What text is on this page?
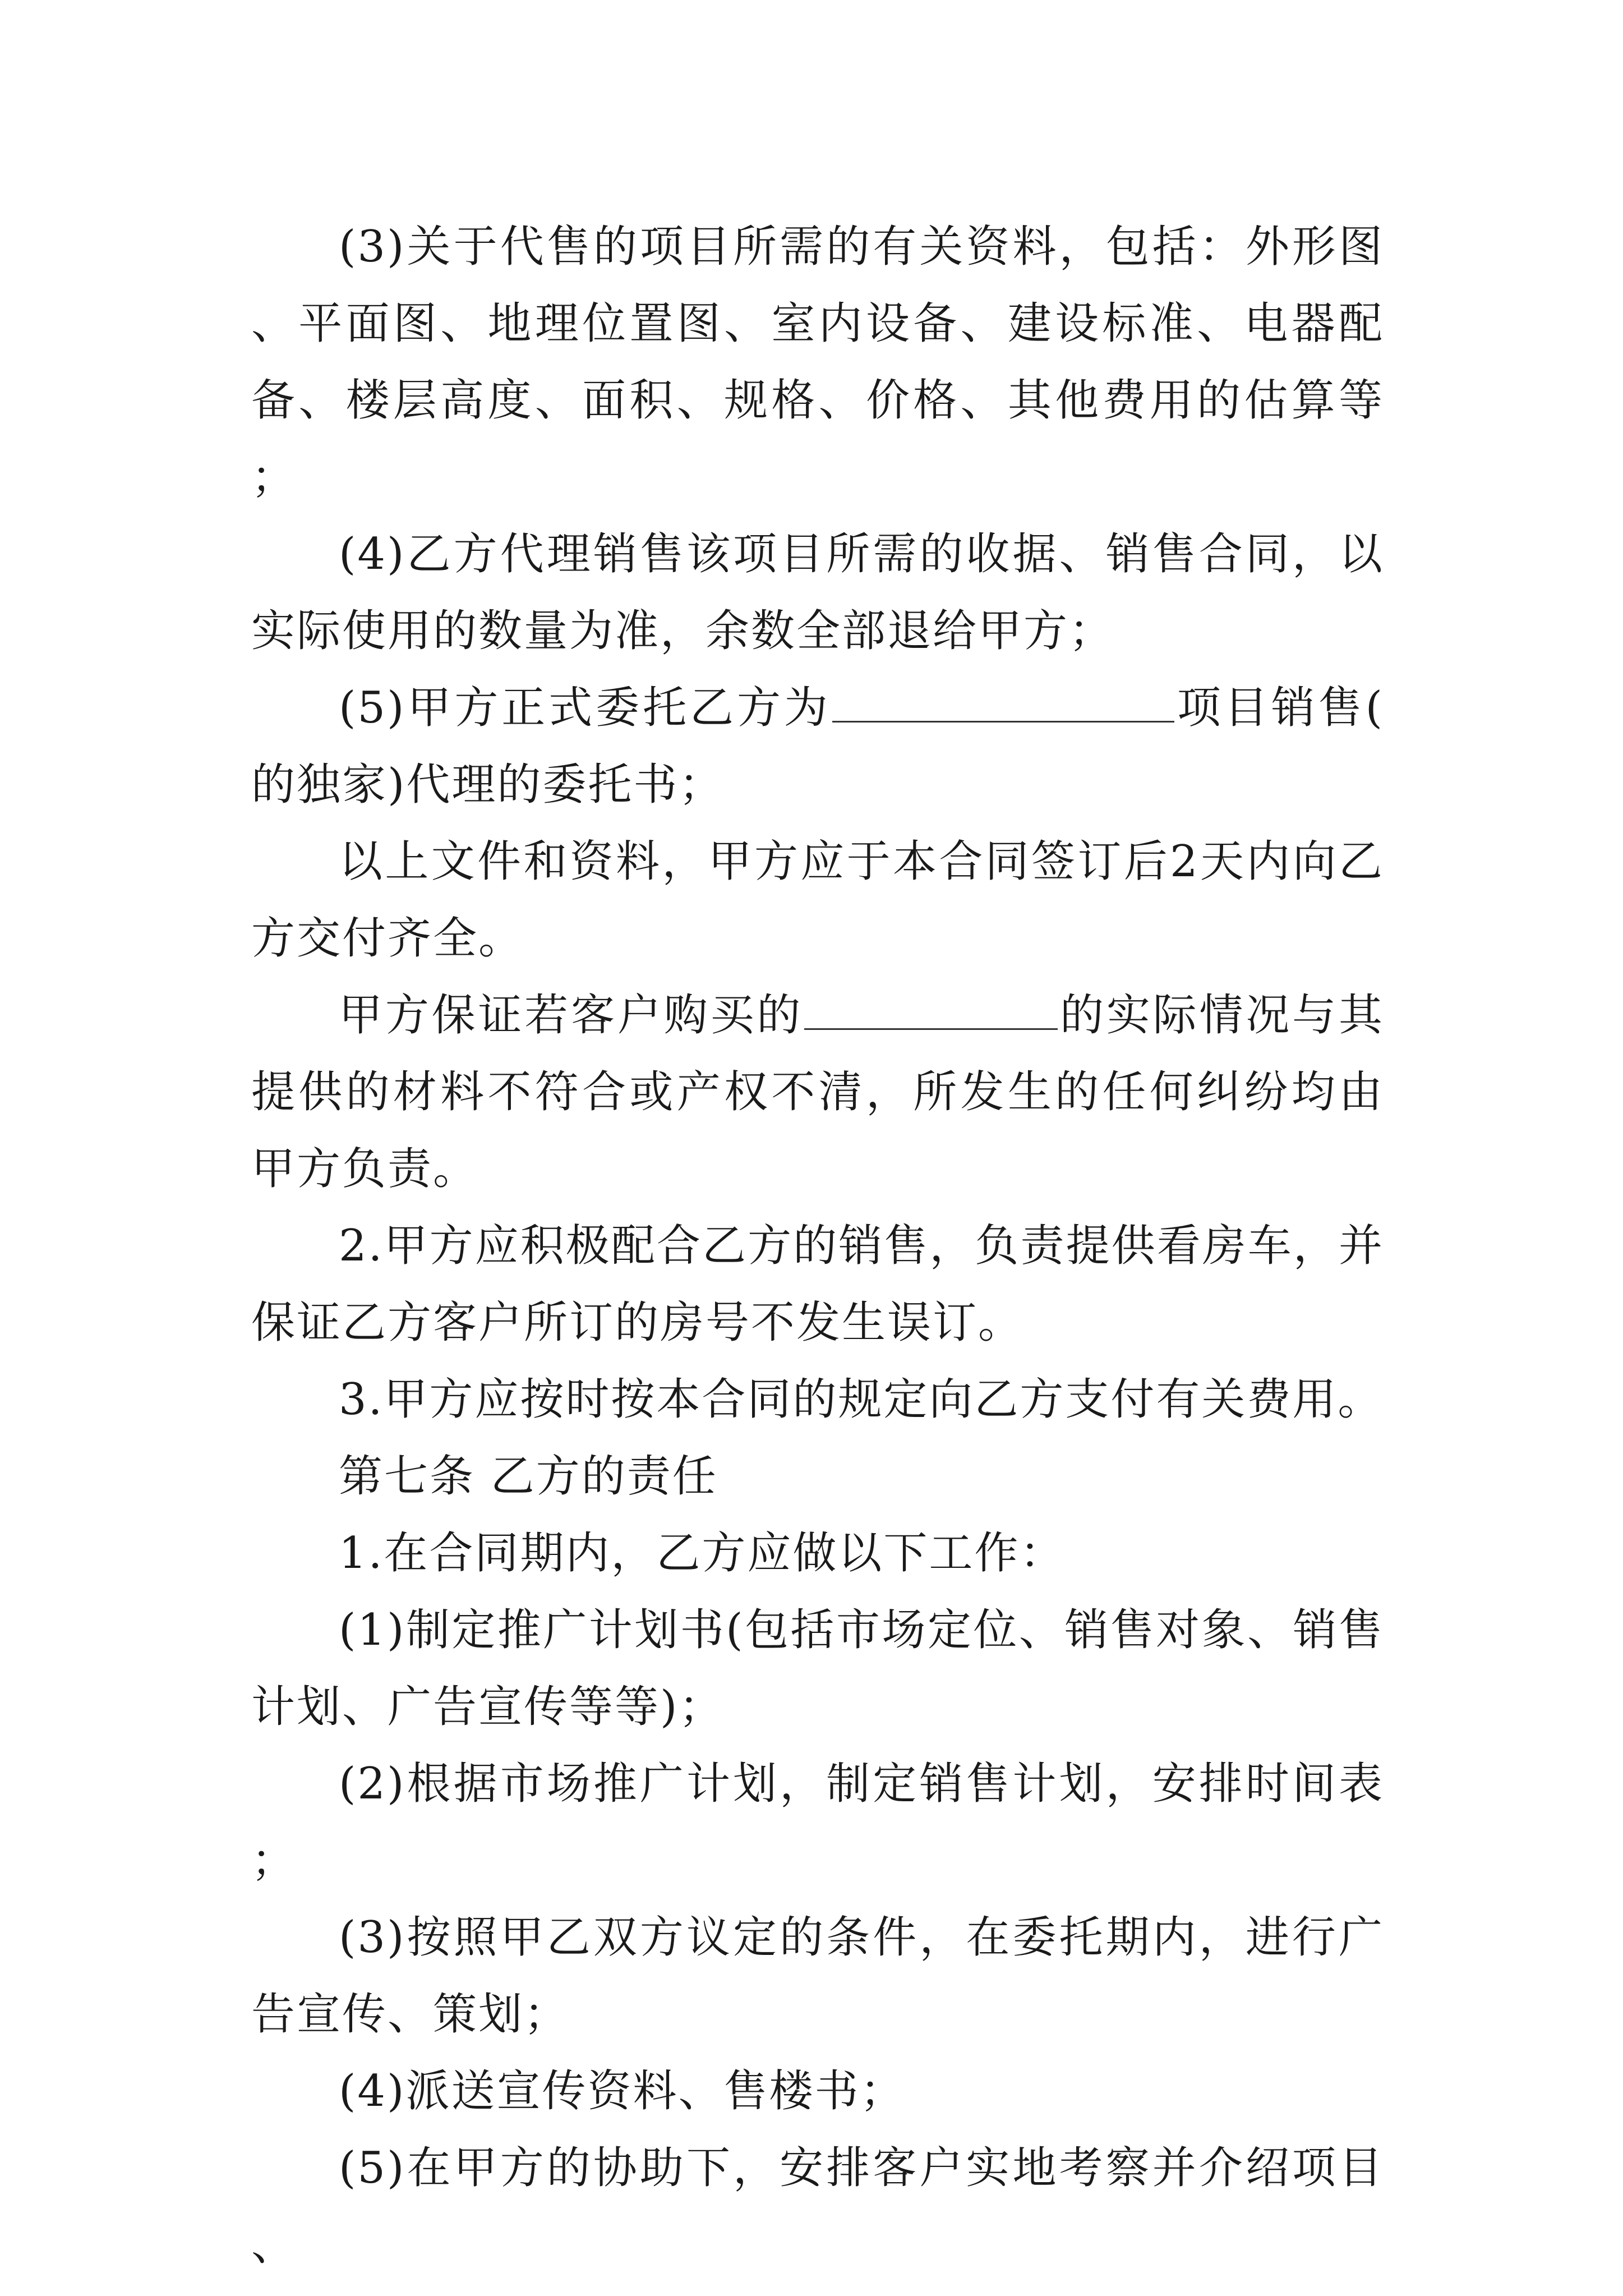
(3)关于代售的项目所需的有关资料，包括：外形图、平面图、地理位置图、室内设备、建设标准、电器配备、楼层高度、面积、规格、价格、其他费用的估算等；

(4)乙方代理销售该项目所需的收据、销售合同，以实际使用的数量为准，余数全部退给甲方；

(5)甲方正式委托乙方为	项目销售(的独家)代理的委托书；

以上文件和资料，甲方应于本合同签订后2天内向乙方交付齐全。

甲方保证若客户购买的	的实际情况与其提供的材料不符合或产权不清，所发生的任何纠纷均由甲方负责。

2.甲方应积极配合乙方的销售，负责提供看房车，并保证乙方客户所订的房号不发生误订。

3.甲方应按时按本合同的规定向乙方支付有关费用。

第七条 乙方的责任

1.在合同期内，乙方应做以下工作：

(1)制定推广计划书(包括市场定位、销售对象、销售计划、广告宣传等等)；

(2)根据市场推广计划，制定销售计划，安排时间表；

(3)按照甲乙双方议定的条件，在委托期内，进行广告宣传、策划；

(4)派送宣传资料、售楼书；

(5)在甲方的协助下，安排客户实地考察并介绍项目、
